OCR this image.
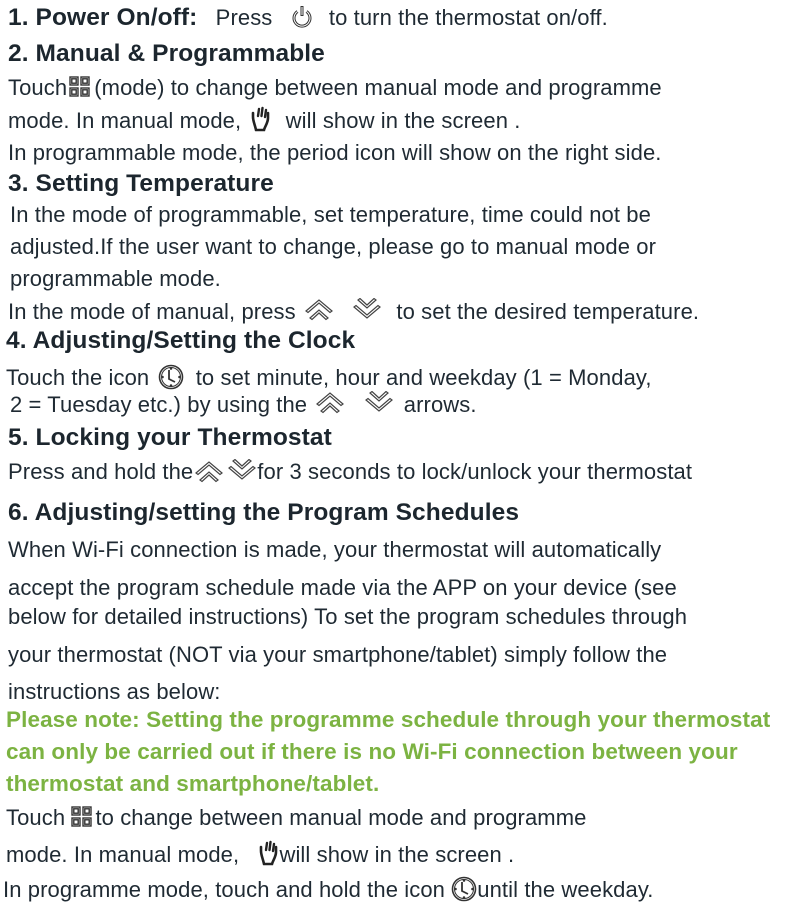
1. Power On/off: Press	to turn the thermostat on/off.
2. Manual & Programmable
Touch (mode) to change between manual mode and programme
mode. In manual mode, will show in the screen .
In programmable mode, the period icon will show on the right side.
3. Setting Temperature
In the mode of programmable, set temperature, time could not be
adjusted.If the user want to change, please go to manual mode or
programmable mode.
In the mode of manual, press
	to set the desired temperature.
4. Adjusting/Setting the Clock
Touch the icon to set minute, hour and weekday (1 = Monday,
2 = Tuesday etc.) by using the
	arrows.
5. Locking your Thermostat
Press and hold the	for 3 seconds to lock/unlock your thermostat
6. Adjusting/setting the Program Schedules
When Wi-Fi connection is made, your thermostat will automatically
accept the program schedule made via the APP on your device (see
below for detailed instructions) To set the program schedules through
your thermostat (NOT via your smartphone/tablet) simply follow the
instructions as below:
Please note: Setting the programme schedule through your thermostat
can only be carried out if there is no Wi-Fi connection between your
thermostat and smartphone/tablet.
Touch to change between manual mode and programme
mode. In manual mode, will show in the screen .
In programme mode, touch and hold the icon until the weekday.
